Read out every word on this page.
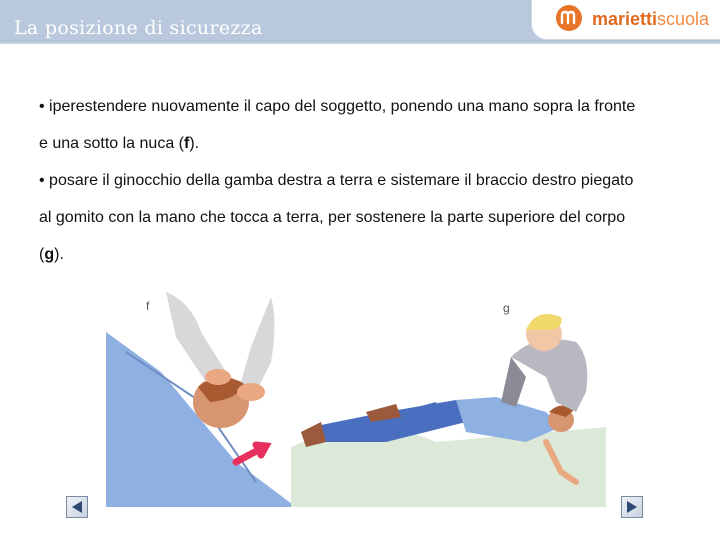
La posizione di sicurezza	mariettiscuola

• iperestendere nuovamente il capo del soggetto, ponendo una mano sopra la fronte e una sotto la nuca (f).

• posare il ginocchio della gamba destra a terra e sistemare il braccio destro piegato al gomito con la mano che tocca a terra, per sostenere la parte superiore del corpo (g).

f	g
